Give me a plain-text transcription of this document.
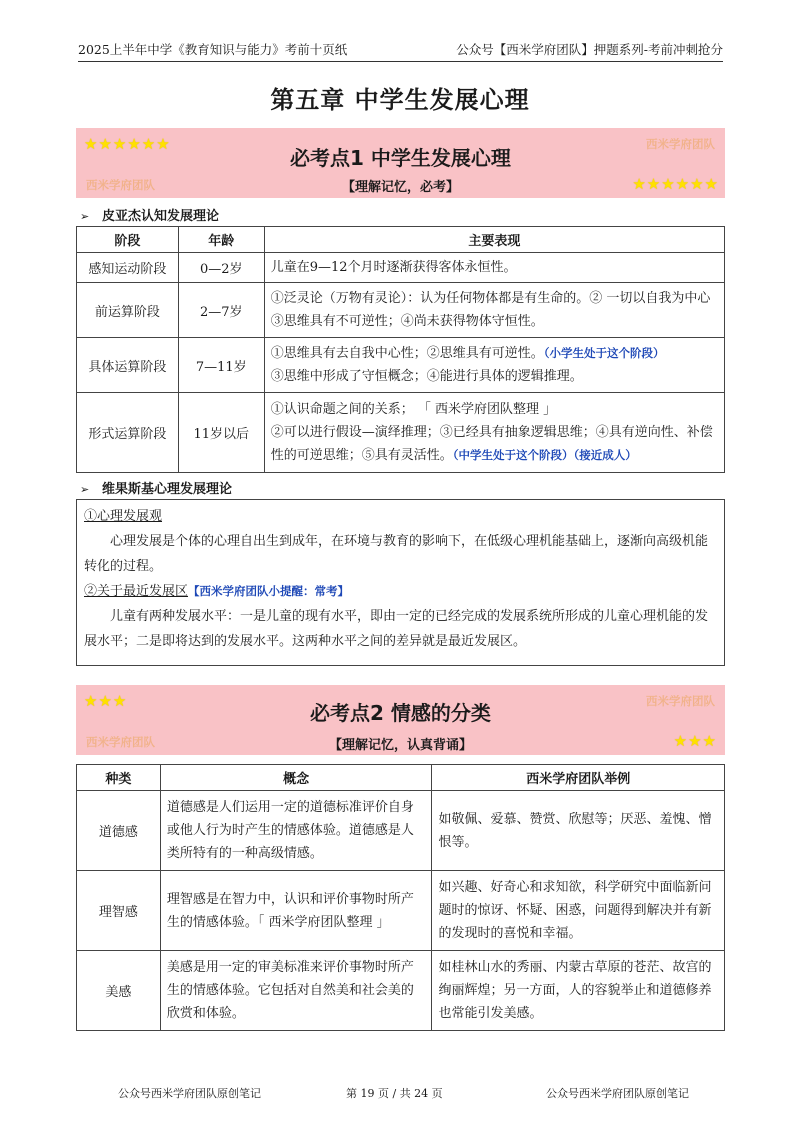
2025上半年中学《教育知识与能力》考前十页纸	公众号【西米学府团队】押题系列-考前冲刺抢分
第五章 中学生发展心理
★★★★★★	西米学府团队
必考点1 中学生发展心理
西米学府团队	【理解记忆，必考】	★★★★★★
➢ 皮亚杰认知发展理论
阶段	年龄	主要表现
感知运动阶段	0—2岁	儿童在9—12个月时逐渐获得客体永恒性。
前运算阶段	2—7岁	①泛灵论（万物有灵论）：认为任何物体都是有生命的。② 一切以自我为中心
③思维具有不可逆性；④尚未获得物体守恒性。

具体运算阶段	7—11岁	①思维具有去自我中心性；②思维具有可逆性。（小学生处于这个阶段）
③思维中形成了守恒概念；④能进行具体的逻辑推理。

形式运算阶段	11岁以后	①认识命题之间的关系； 「 西米学府团队整理 」
②可以进行假设—演绎推理；③已经具有抽象逻辑思维；④具有逆向性、补偿
性的可逆思维；⑤具有灵活性。（中学生处于这个阶段）（接近成人）
➢ 维果斯基心理发展理论
①心理发展观
心理发展是个体的心理自出生到成年，在环境与教育的影响下，在低级心理机能基础上，逐渐向高级机能转化的过程。
②关于最近发展区【西米学府团队小提醒：常考】
儿童有两种发展水平：一是儿童的现有水平，即由一定的已经完成的发展系统所形成的儿童心理机能的发展水平；二是即将达到的发展水平。这两种水平之间的差异就是最近发展区。
★★★	西米学府团队
必考点2 情感的分类
西米学府团队	【理解记忆，认真背诵】	★★★
种类	概念	西米学府团队举例
道德感	道德感是人们运用一定的道德标准评价自身或他人行为时产生的情感体验。道德感是人类所特有的一种高级情感。	如敬佩、爱慕、赞赏、欣慰等；厌恶、羞愧、憎恨等。
理智感	理智感是在智力中，认识和评价事物时所产生的情感体验。「 西米学府团队整理 」	如兴趣、好奇心和求知欲，科学研究中面临新问题时的惊讶、怀疑、困惑，问题得到解决并有新的发现时的喜悦和幸福。
美感	美感是用一定的审美标准来评价事物时所产生的情感体验。它包括对自然美和社会美的欣赏和体验。	如桂林山水的秀丽、内蒙古草原的苍茫、故宫的绚丽辉煌；另一方面，人的容貌举止和道德修养也常能引发美感。
公众号西米学府团队原创笔记	第 19 页 / 共 24 页	公众号西米学府团队原创笔记
